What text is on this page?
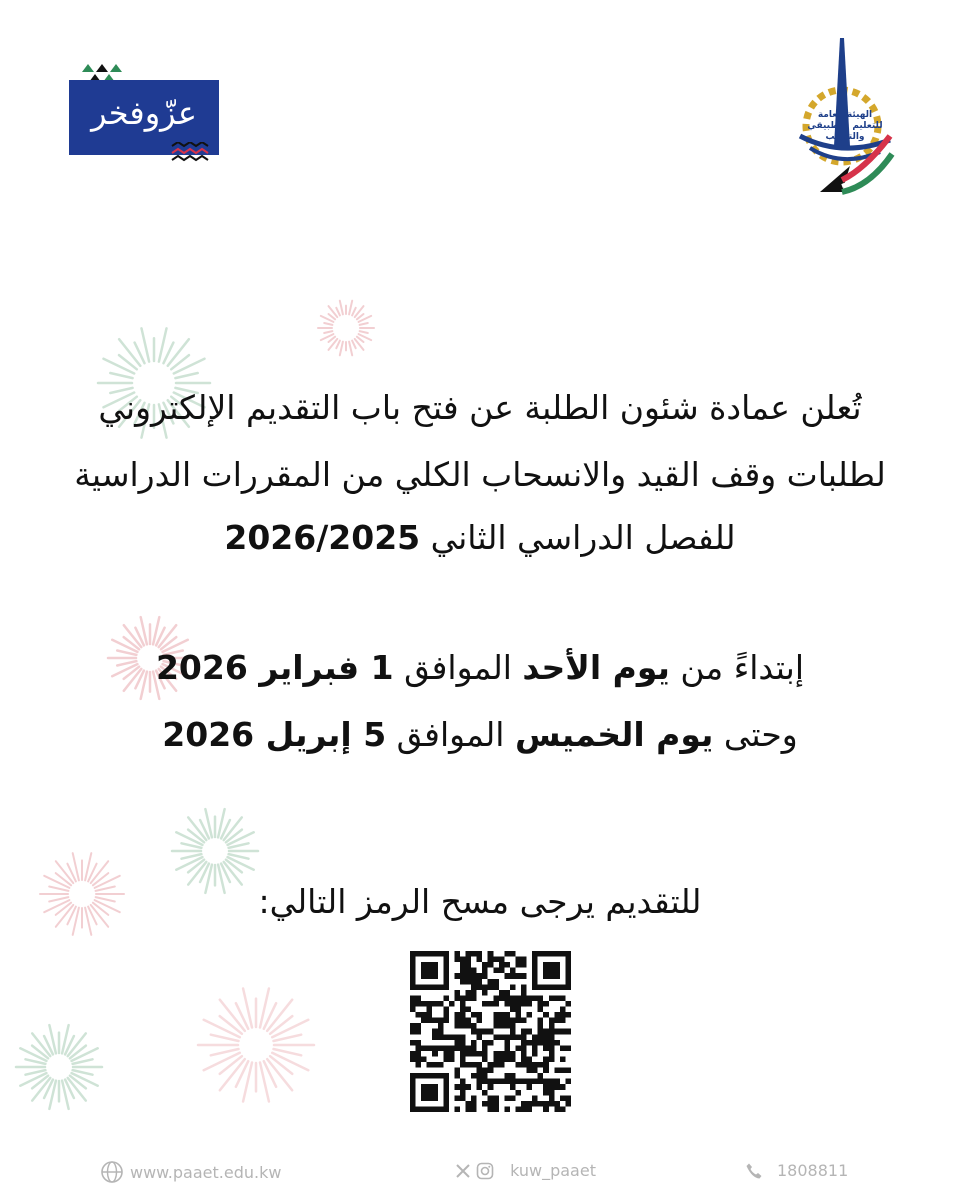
عزّوفخر	الهيئة العامة
للتعليم التطبيقي والتدريب
تُعلن عمادة شئون الطلبة عن فتح باب التقديم الإلكتروني
لطلبات وقف القيد والانسحاب الكلي من المقررات الدراسية
للفصل الدراسي الثاني 2026/2025
إبتداءً من يوم الأحد الموافق 1 فبراير 2026
وحتى يوم الخميس الموافق 5 إبريل 2026
للتقديم يرجى مسح الرمز التالي:
www.paaet.edu.kw	kuw_paaet	1808811
